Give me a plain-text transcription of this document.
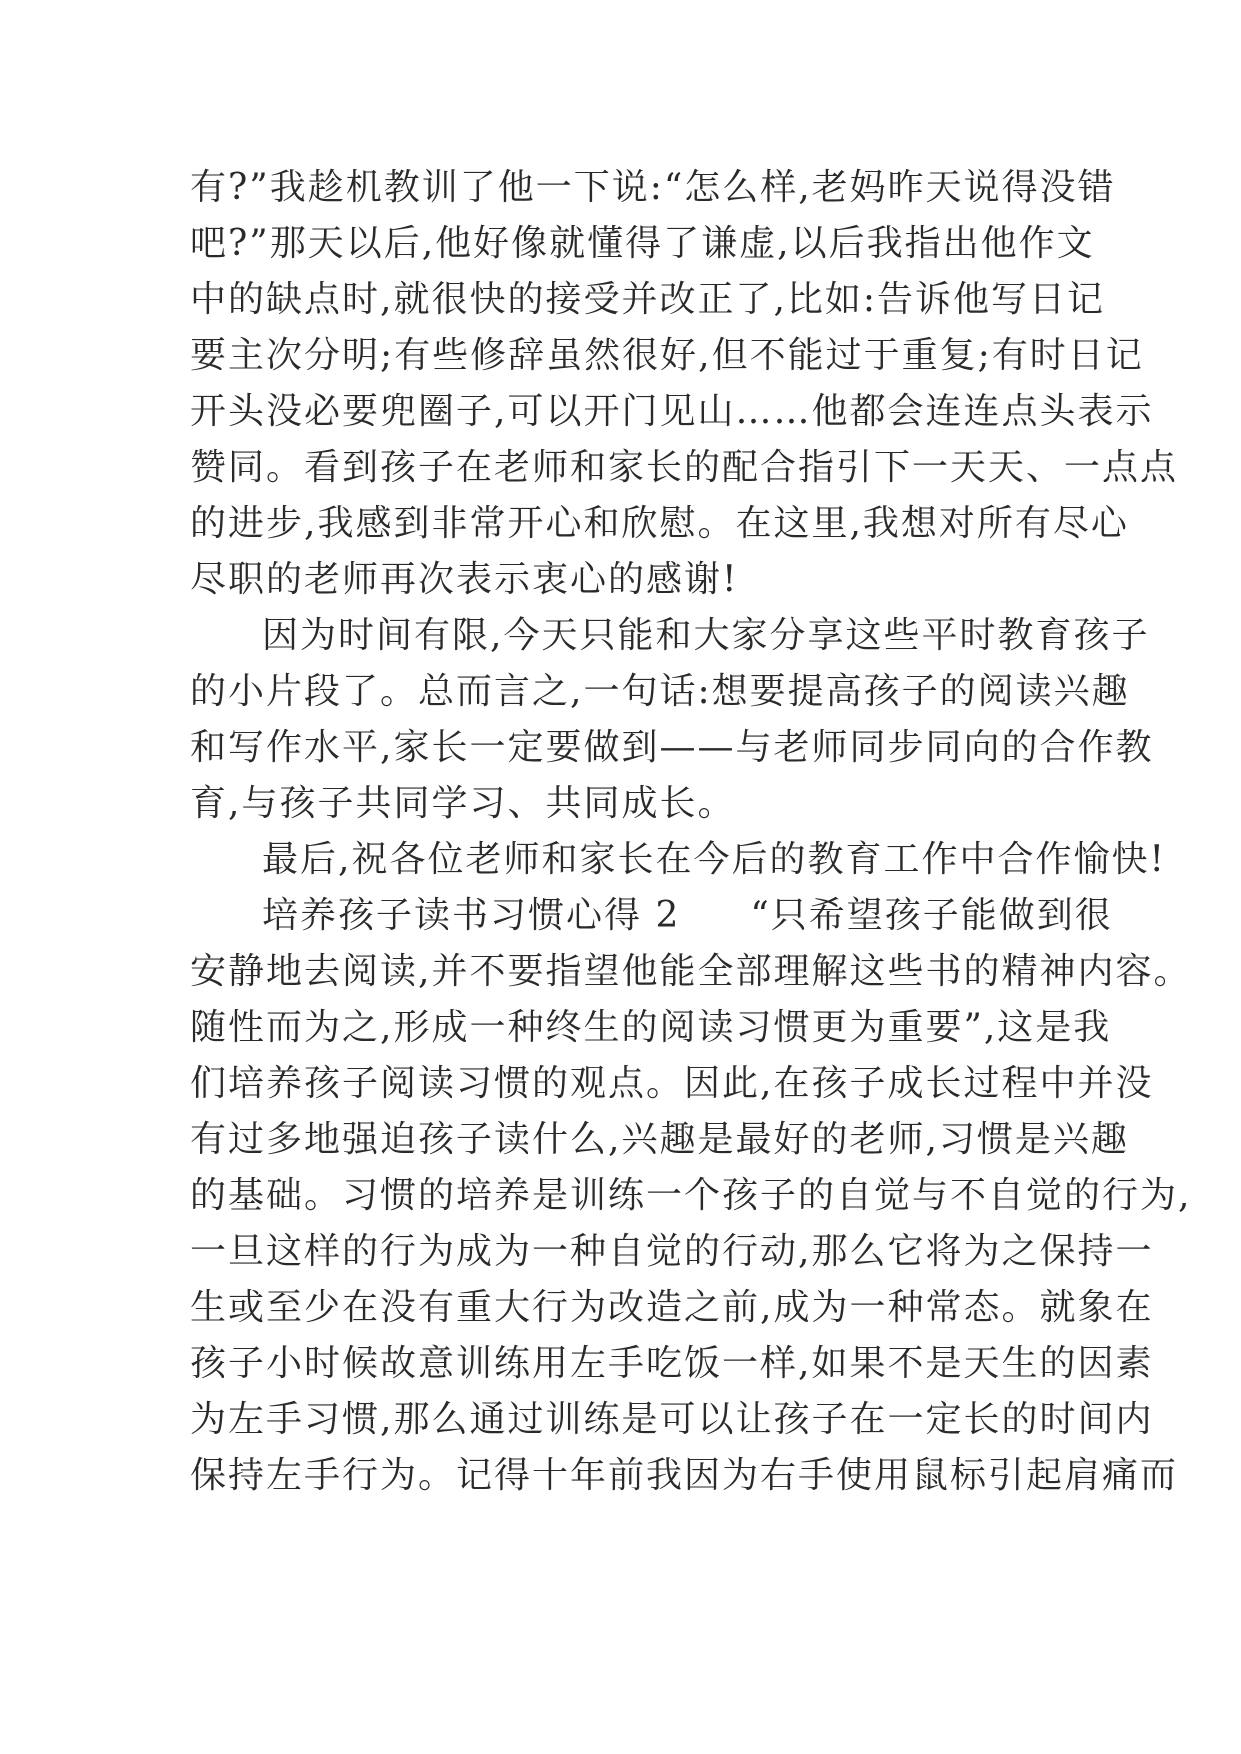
有?”我趁机教训了他一下说:“怎么样,老妈昨天说得没错
吧?”那天以后,他好像就懂得了谦虚,以后我指出他作文
中的缺点时,就很快的接受并改正了,比如:告诉他写日记
要主次分明;有些修辞虽然很好,但不能过于重复;有时日记
开头没必要兜圈子,可以开门见山……他都会连连点头表示
赞同。看到孩子在老师和家长的配合指引下一天天、一点点
的进步,我感到非常开心和欣慰。在这里,我想对所有尽心
尽职的老师再次表示衷心的感谢!
因为时间有限,今天只能和大家分享这些平时教育孩子
的小片段了。总而言之,一句话:想要提高孩子的阅读兴趣
和写作水平,家长一定要做到——与老师同步同向的合作教
育,与孩子共同学习、共同成长。
最后,祝各位老师和家长在今后的教育工作中合作愉快!
培养孩子读书习惯心得 2 “只希望孩子能做到很
安静地去阅读,并不要指望他能全部理解这些书的精神内容。
随性而为之,形成一种终生的阅读习惯更为重要”,这是我
们培养孩子阅读习惯的观点。因此,在孩子成长过程中并没
有过多地强迫孩子读什么,兴趣是最好的老师,习惯是兴趣
的基础。习惯的培养是训练一个孩子的自觉与不自觉的行为,
一旦这样的行为成为一种自觉的行动,那么它将为之保持一
生或至少在没有重大行为改造之前,成为一种常态。就象在
孩子小时候故意训练用左手吃饭一样,如果不是天生的因素
为左手习惯,那么通过训练是可以让孩子在一定长的时间内
保持左手行为。记得十年前我因为右手使用鼠标引起肩痛而
